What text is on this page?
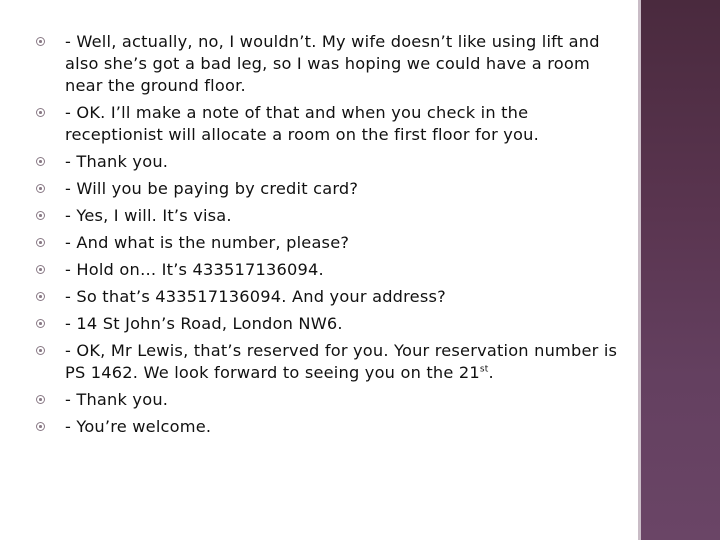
- Well, actually, no, I wouldn’t. My wife doesn’t like using lift and also she’s got a bad leg, so I was hoping we could have a room near the ground floor.
- OK. I’ll make a note of that and when you check in the receptionist will allocate a room on the first floor for you.
- Thank you.
- Will you be paying by credit card?
- Yes, I will. It’s visa.
- And what is the number, please?
- Hold on… It’s 433517136094.
- So that’s 433517136094. And your address?
- 14 St John’s Road, London NW6.
- OK, Mr Lewis, that’s reserved for you. Your reservation number is PS 1462. We look forward to seeing you on the 21st.
- Thank you.
- You’re welcome.
